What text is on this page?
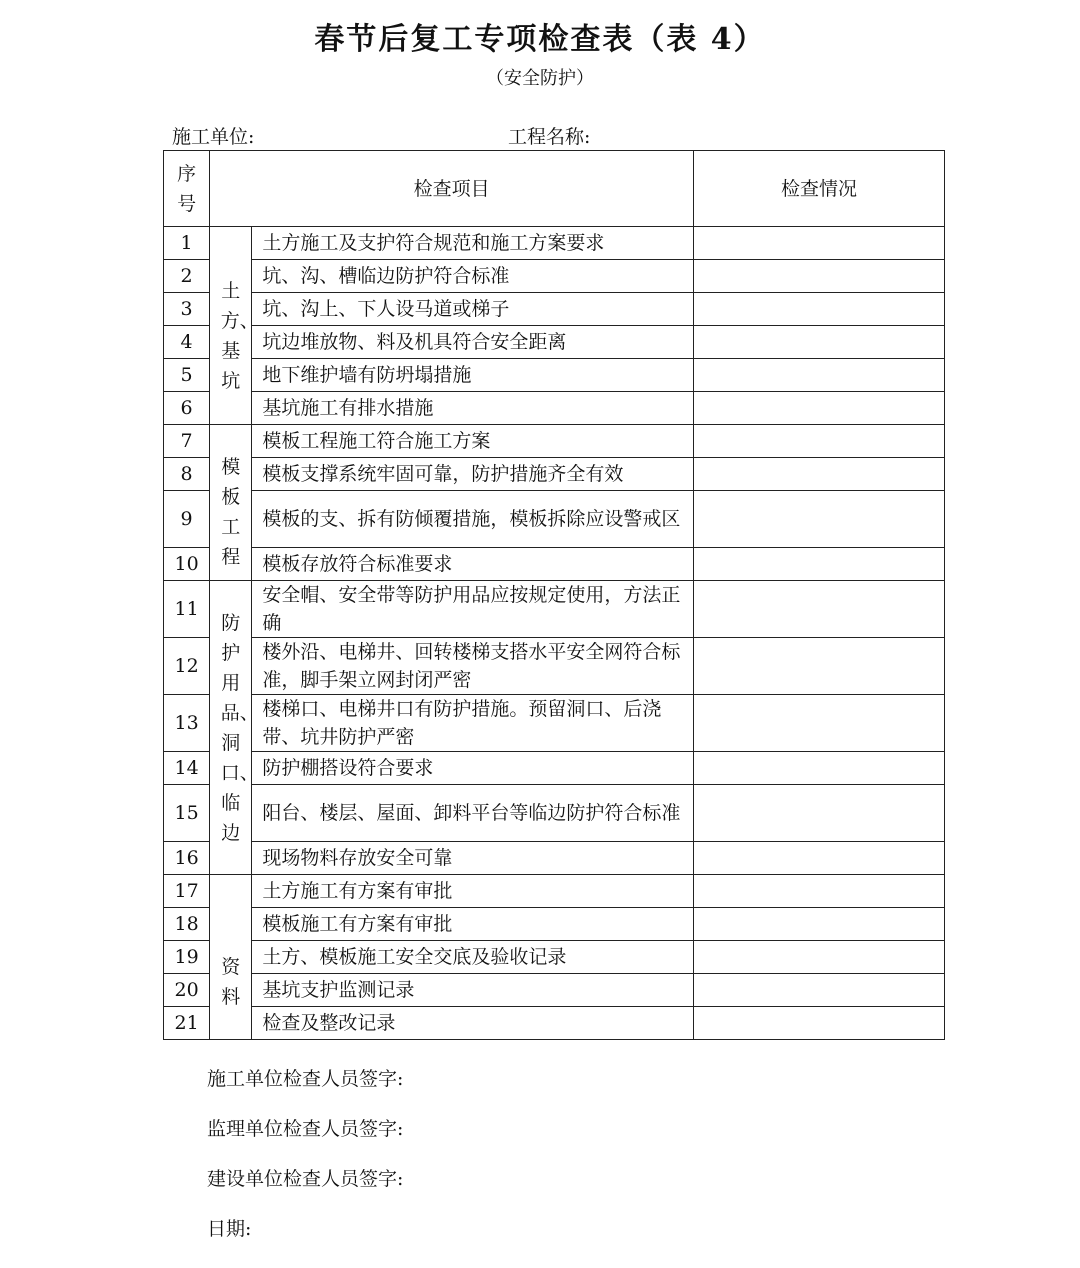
春节后复工专项检查表（表 4）
（安全防护）
施工单位:	工程名称:
序号	检查项目		检查情况
1	土方、基坑	土方施工及支护符合规范和施工方案要求	
2		坑、沟、槽临边防护符合标准	
3		坑、沟上、下人设马道或梯子	
4		坑边堆放物、料及机具符合安全距离	
5		地下维护墙有防坍塌措施	
6		基坑施工有排水措施	
7	模板工程	模板工程施工符合施工方案	
8		模板支撑系统牢固可靠，防护措施齐全有效	
9		模板的支、拆有防倾覆措施，模板拆除应设警戒区	
10		模板存放符合标准要求	
11	防护用品、洞口、临边	安全帽、安全带等防护用品应按规定使用，方法正确	
12		楼外沿、电梯井、回转楼梯支搭水平安全网符合标准，脚手架立网封闭严密	
13		楼梯口、电梯井口有防护措施。预留洞口、后浇带、坑井防护严密	
14		防护棚搭设符合要求	
15		阳台、楼层、屋面、卸料平台等临边防护符合标准	
16		现场物料存放安全可靠	
17	资料	土方施工有方案有审批	
18		模板施工有方案有审批	
19		土方、模板施工安全交底及验收记录	
20		基坑支护监测记录	
21		检查及整改记录	
施工单位检查人员签字:
监理单位检查人员签字:
建设单位检查人员签字:
日期:
